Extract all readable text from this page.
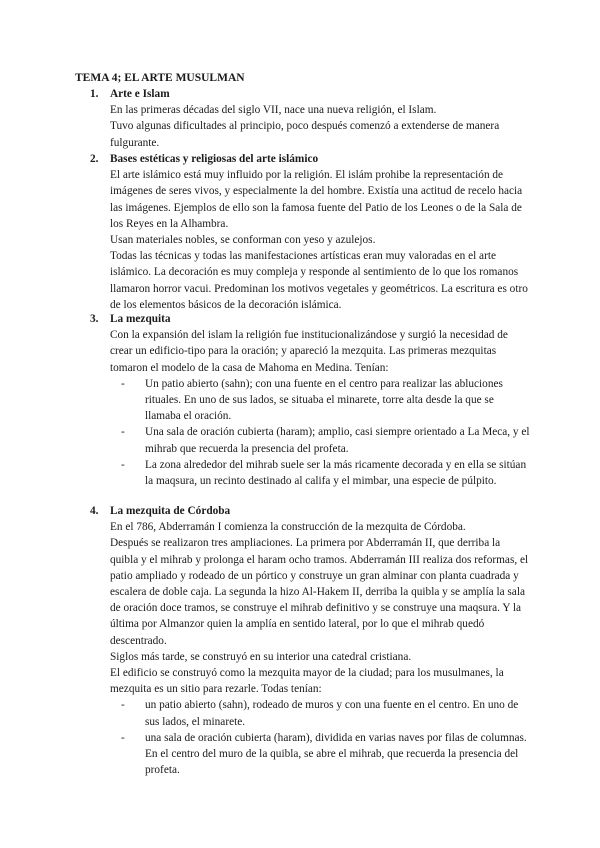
TEMA 4; EL ARTE MUSULMAN
1.	Arte e Islam

En las primeras décadas del siglo VII, nace una nueva religión, el Islam.

Tuvo algunas dificultades al principio, poco después comenzó a extenderse de manera fulgurante.

2.	Bases estéticas y religiosas del arte islámico

El arte islámico está muy influido por la religión. El islám prohibe la representación de imágenes de seres vivos, y especialmente la del hombre. Existía una actitud de recelo hacia las imágenes. Ejemplos de ello son la famosa fuente del Patio de los Leones o de la Sala de los Reyes en la Alhambra.

Usan materiales nobles, se conforman con yeso y azulejos.

Todas las técnicas y todas las manifestaciones artísticas eran muy valoradas en el arte islámico. La decoración es muy compleja y responde al sentimiento de lo que los romanos llamaron horror vacui. Predominan los motivos vegetales y geométricos. La escritura es otro de los elementos básicos de la decoración islámica.

3.	La mezquita

Con la expansión del islam la religión fue institucionalizándose y surgió la necesidad de crear un edificio-tipo para la oración; y apareció la mezquita. Las primeras mezquitas tomaron el modelo de la casa de Mahoma en Medina. Tenían:

-	Un patio abierto (sahn); con una fuente en el centro para realizar las abluciones rituales. En uno de sus lados, se situaba el minarete, torre alta desde la que se llamaba el oración.
-	Una sala de oración cubierta (haram); amplio, casi siempre orientado a La Meca, y el mihrab que recuerda la presencia del profeta.
-	La zona alrededor del mihrab suele ser la más ricamente decorada y en ella se sitúan la maqsura, un recinto destinado al califa y el mimbar, una especie de púlpito.
4.	La mezquita de Córdoba

En el 786, Abderramán I comienza la construcción de la mezquita de Córdoba.

Después se realizaron tres ampliaciones. La primera por Abderramán II, que derriba la quibla y el mihrab y prolonga el haram ocho tramos. Abderramán III realiza dos reformas, el patio ampliado y rodeado de un pórtico y construye un gran alminar con planta cuadrada y escalera de doble caja. La segunda la hizo Al-Hakem II, derriba la quibla y se amplía la sala de oración doce tramos, se construye el mihrab definitivo y se construye una maqsura. Y la última por Almanzor quien la amplía en sentido lateral, por lo que el mihrab quedó descentrado.

Siglos más tarde, se construyó en su interior una catedral cristiana.

El edificio se construyó como la mezquita mayor de la ciudad; para los musulmanes, la mezquita es un sitio para rezarle. Todas tenían:

-	un patio abierto (sahn), rodeado de muros y con una fuente en el centro. En uno de sus lados, el minarete.
-	una sala de oración cubierta (haram), dividida en varias naves por filas de columnas. En el centro del muro de la quibla, se abre el mihrab, que recuerda la presencia del profeta.
